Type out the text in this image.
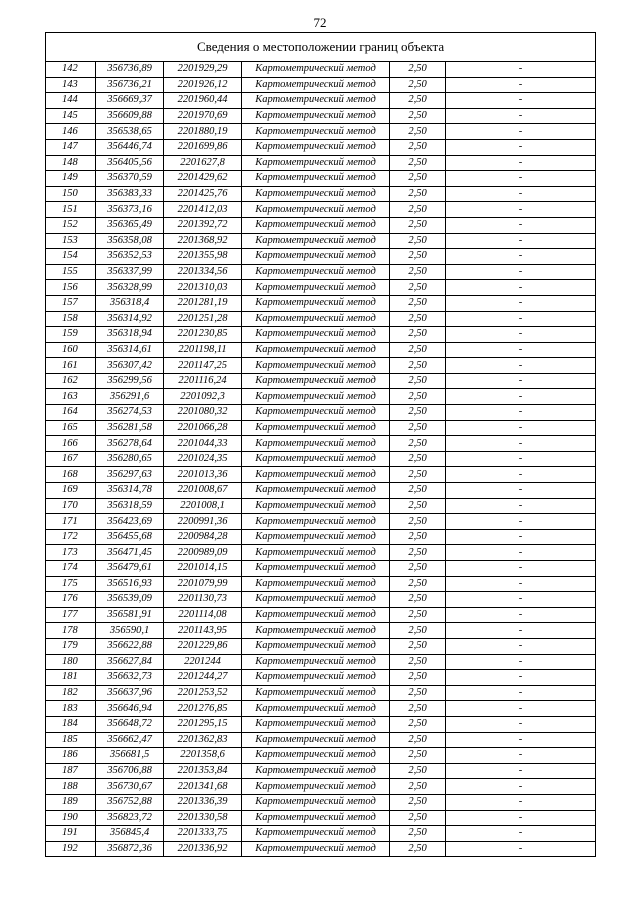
72
Сведения о местоположении границ объекта					
142	356736,89	2201929,29	Картометрический метод	2,50	-
143	356736,21	2201926,12	Картометрический метод	2,50	-
144	356669,37	2201960,44	Картометрический метод	2,50	-
145	356609,88	2201970,69	Картометрический метод	2,50	-
146	356538,65	2201880,19	Картометрический метод	2,50	-
147	356446,74	2201699,86	Картометрический метод	2,50	-
148	356405,56	2201627,8	Картометрический метод	2,50	-
149	356370,59	2201429,62	Картометрический метод	2,50	-
150	356383,33	2201425,76	Картометрический метод	2,50	-
151	356373,16	2201412,03	Картометрический метод	2,50	-
152	356365,49	2201392,72	Картометрический метод	2,50	-
153	356358,08	2201368,92	Картометрический метод	2,50	-
154	356352,53	2201355,98	Картометрический метод	2,50	-
155	356337,99	2201334,56	Картометрический метод	2,50	-
156	356328,99	2201310,03	Картометрический метод	2,50	-
157	356318,4	2201281,19	Картометрический метод	2,50	-
158	356314,92	2201251,28	Картометрический метод	2,50	-
159	356318,94	2201230,85	Картометрический метод	2,50	-
160	356314,61	2201198,11	Картометрический метод	2,50	-
161	356307,42	2201147,25	Картометрический метод	2,50	-
162	356299,56	2201116,24	Картометрический метод	2,50	-
163	356291,6	2201092,3	Картометрический метод	2,50	-
164	356274,53	2201080,32	Картометрический метод	2,50	-
165	356281,58	2201066,28	Картометрический метод	2,50	-
166	356278,64	2201044,33	Картометрический метод	2,50	-
167	356280,65	2201024,35	Картометрический метод	2,50	-
168	356297,63	2201013,36	Картометрический метод	2,50	-
169	356314,78	2201008,67	Картометрический метод	2,50	-
170	356318,59	2201008,1	Картометрический метод	2,50	-
171	356423,69	2200991,36	Картометрический метод	2,50	-
172	356455,68	2200984,28	Картометрический метод	2,50	-
173	356471,45	2200989,09	Картометрический метод	2,50	-
174	356479,61	2201014,15	Картометрический метод	2,50	-
175	356516,93	2201079,99	Картометрический метод	2,50	-
176	356539,09	2201130,73	Картометрический метод	2,50	-
177	356581,91	2201114,08	Картометрический метод	2,50	-
178	356590,1	2201143,95	Картометрический метод	2,50	-
179	356622,88	2201229,86	Картометрический метод	2,50	-
180	356627,84	2201244	Картометрический метод	2,50	-
181	356632,73	2201244,27	Картометрический метод	2,50	-
182	356637,96	2201253,52	Картометрический метод	2,50	-
183	356646,94	2201276,85	Картометрический метод	2,50	-
184	356648,72	2201295,15	Картометрический метод	2,50	-
185	356662,47	2201362,83	Картометрический метод	2,50	-
186	356681,5	2201358,6	Картометрический метод	2,50	-
187	356706,88	2201353,84	Картометрический метод	2,50	-
188	356730,67	2201341,68	Картометрический метод	2,50	-
189	356752,88	2201336,39	Картометрический метод	2,50	-
190	356823,72	2201330,58	Картометрический метод	2,50	-
191	356845,4	2201333,75	Картометрический метод	2,50	-
192	356872,36	2201336,92	Картометрический метод	2,50	-
